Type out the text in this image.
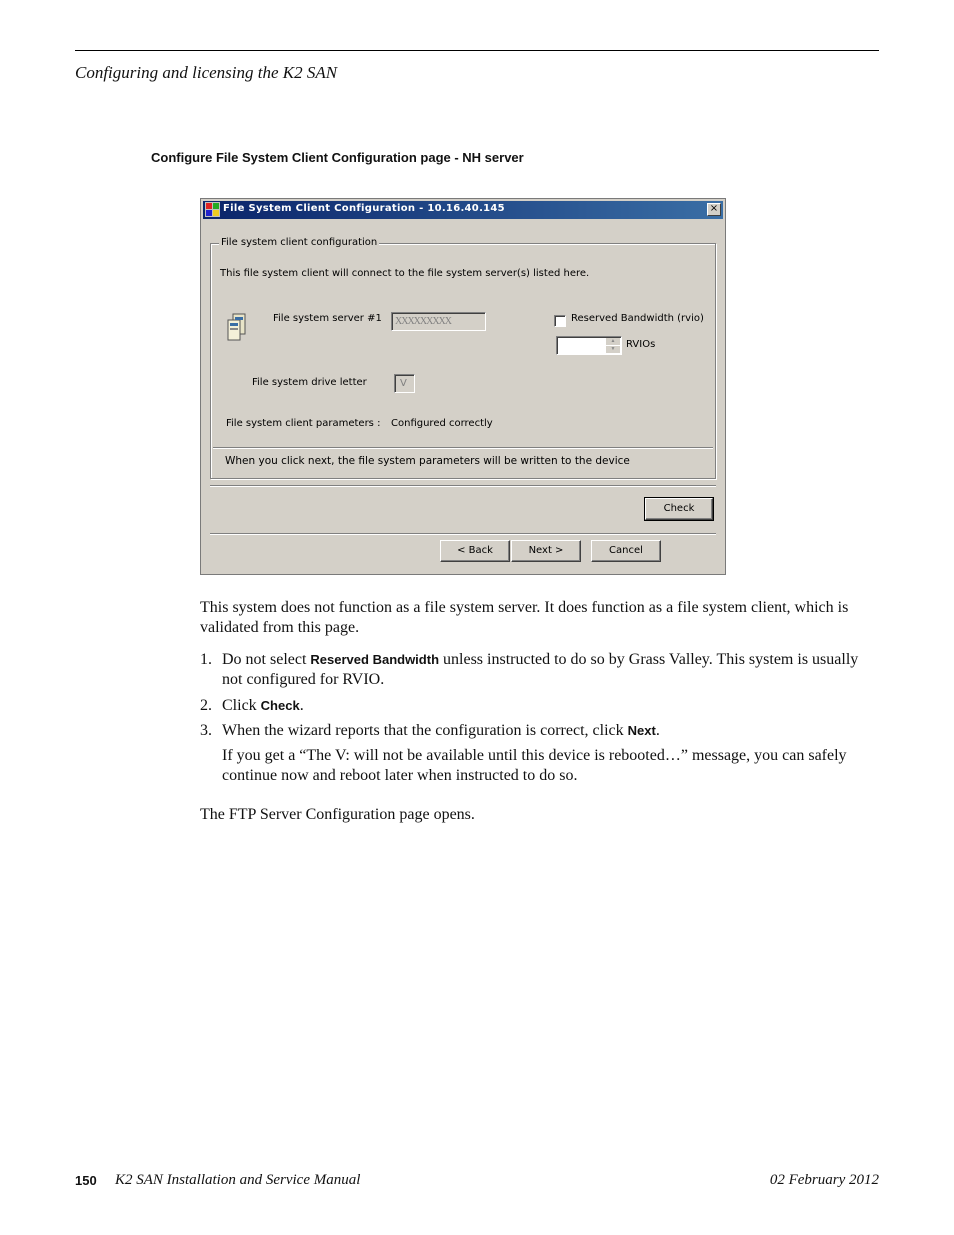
Configuring and licensing the K2 SAN
Configure File System Client Configuration page - NH server
File System Client Configuration - 10.16.40.145	×
File system client configuration
This file system client will connect to the file system server(s) listed here.
File system server #1 XXXXXXXXX	Reserved Bandwidth (rvio)
▲
▼	RVIOs
File system drive letter	V
File system client parameters : Configured correctly
When you click next, the file system parameters will be written to the device
Check
< Back	Next >	Cancel
This system does not function as a file system server. It does function as a file system client, which is validated from this page.
1. Do not select Reserved Bandwidth unless instructed to do so by Grass Valley. This system is usually not configured for RVIO.
2. Click Check.
3. When the wizard reports that the configuration is correct, click Next.
If you get a “The V: will not be available until this device is rebooted…” message, you can safely continue now and reboot later when instructed to do so.
The FTP Server Configuration page opens.
150 K2 SAN Installation and Service Manual	02 February 2012
